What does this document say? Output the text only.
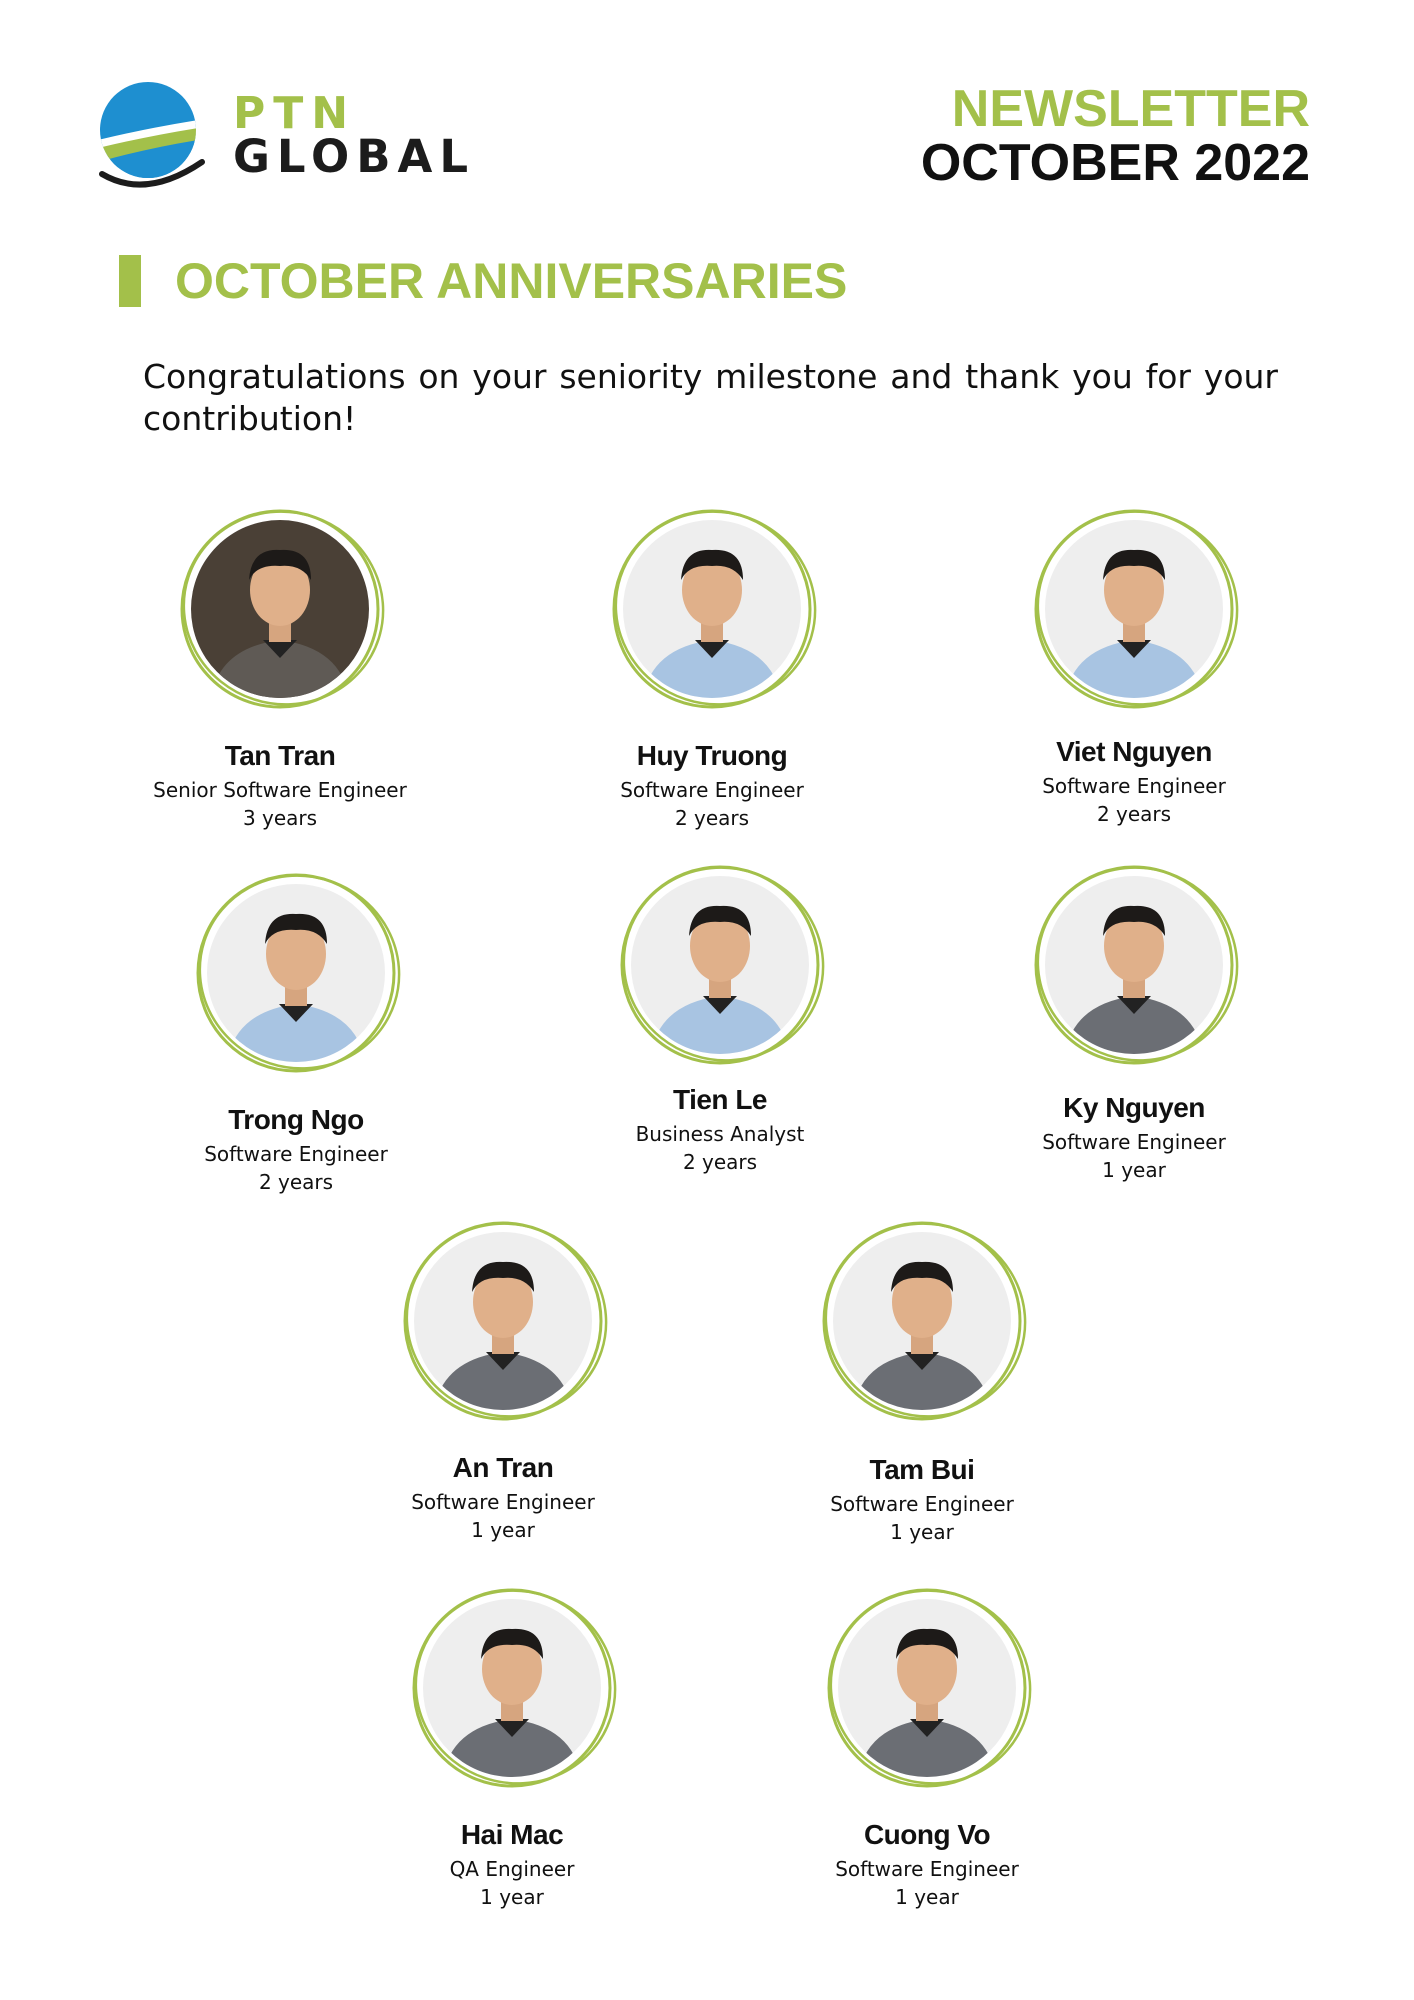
PTN
GLOBAL
NEWSLETTER
OCTOBER 2022
OCTOBER ANNIVERSARIES
Congratulations on your seniority milestone and thank you for your contribution!
Tan Tran
Senior Software Engineer
3 years
Huy Truong
Software Engineer
2 years
Viet Nguyen
Software Engineer
2 years
Trong Ngo
Software Engineer
2 years
Tien Le
Business Analyst
2 years
Ky Nguyen
Software Engineer
1 year
An Tran
Software Engineer
1 year
Tam Bui
Software Engineer
1 year
Hai Mac
QA Engineer
1 year
Cuong Vo
Software Engineer
1 year
